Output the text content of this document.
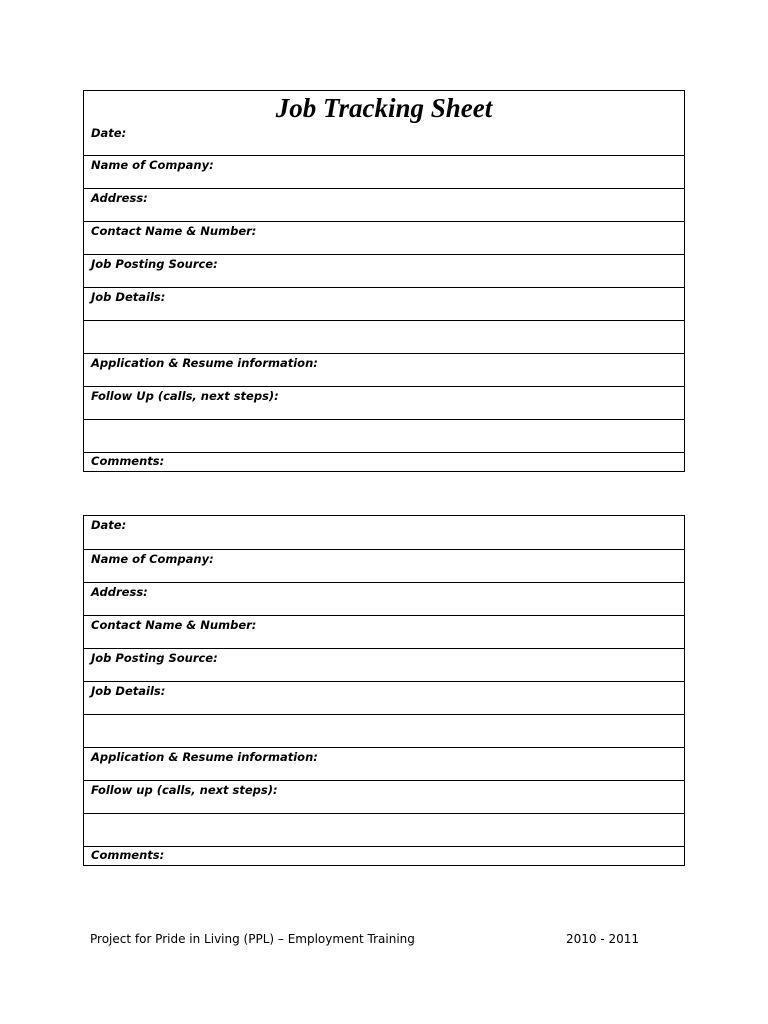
Job Tracking Sheet
Date:
Name of Company:
Address:
Contact Name & Number:
Job Posting Source:
Job Details:
Application & Resume information:
Follow Up (calls, next steps):
Comments:
Date:
Name of Company:
Address:
Contact Name & Number:
Job Posting Source:
Job Details:
Application & Resume information:
Follow up (calls, next steps):
Comments:
Project for Pride in Living (PPL) – Employment Training	2010 - 2011
